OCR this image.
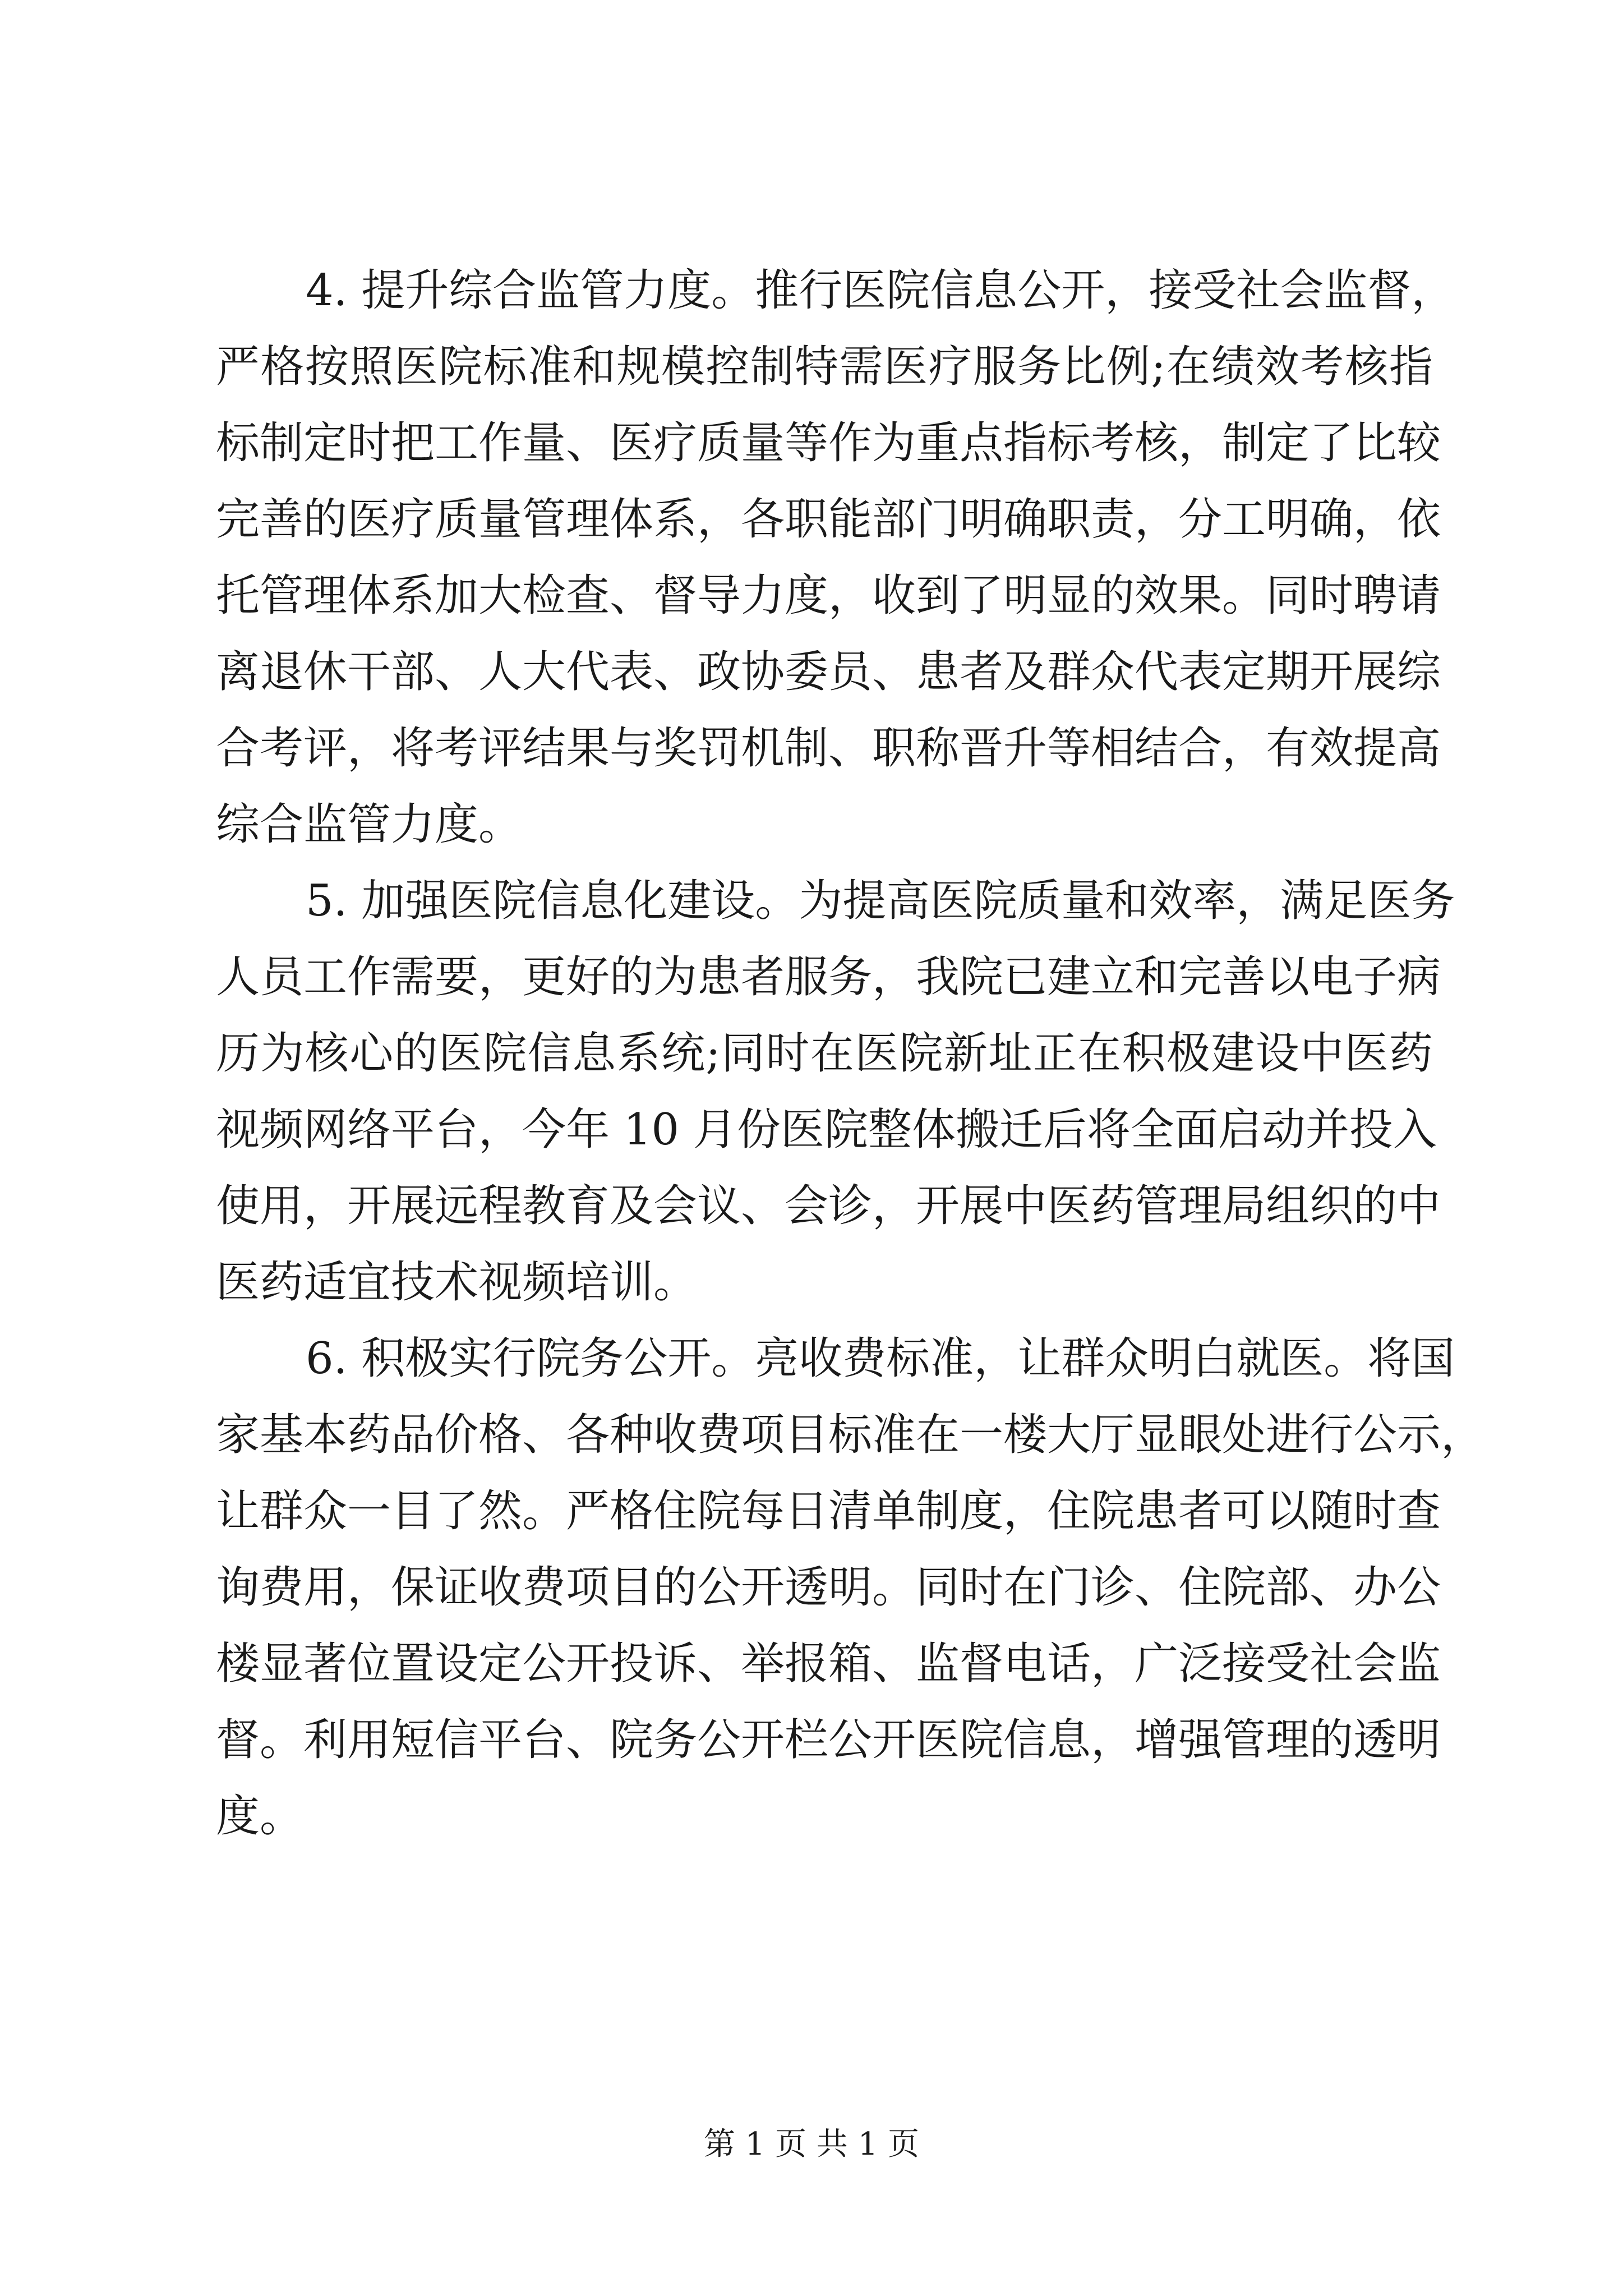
4. 提升综合监管力度。推行医院信息公开，接受社会监督，
严格按照医院标准和规模控制特需医疗服务比例;在绩效考核指
标制定时把工作量、医疗质量等作为重点指标考核，制定了比较
完善的医疗质量管理体系，各职能部门明确职责，分工明确，依
托管理体系加大检查、督导力度，收到了明显的效果。同时聘请
离退休干部、人大代表、政协委员、患者及群众代表定期开展综
合考评，将考评结果与奖罚机制、职称晋升等相结合，有效提高
综合监管力度。
5. 加强医院信息化建设。为提高医院质量和效率，满足医务
人员工作需要，更好的为患者服务，我院已建立和完善以电子病
历为核心的医院信息系统;同时在医院新址正在积极建设中医药
视频网络平台，今年 10 月份医院整体搬迁后将全面启动并投入
使用，开展远程教育及会议、会诊，开展中医药管理局组织的中
医药适宜技术视频培训。
6. 积极实行院务公开。亮收费标准，让群众明白就医。将国
家基本药品价格、各种收费项目标准在一楼大厅显眼处进行公示，
让群众一目了然。严格住院每日清单制度，住院患者可以随时查
询费用，保证收费项目的公开透明。同时在门诊、住院部、办公
楼显著位置设定公开投诉、举报箱、监督电话，广泛接受社会监
督。利用短信平台、院务公开栏公开医院信息，增强管理的透明
度。
第 1 页 共 1 页
